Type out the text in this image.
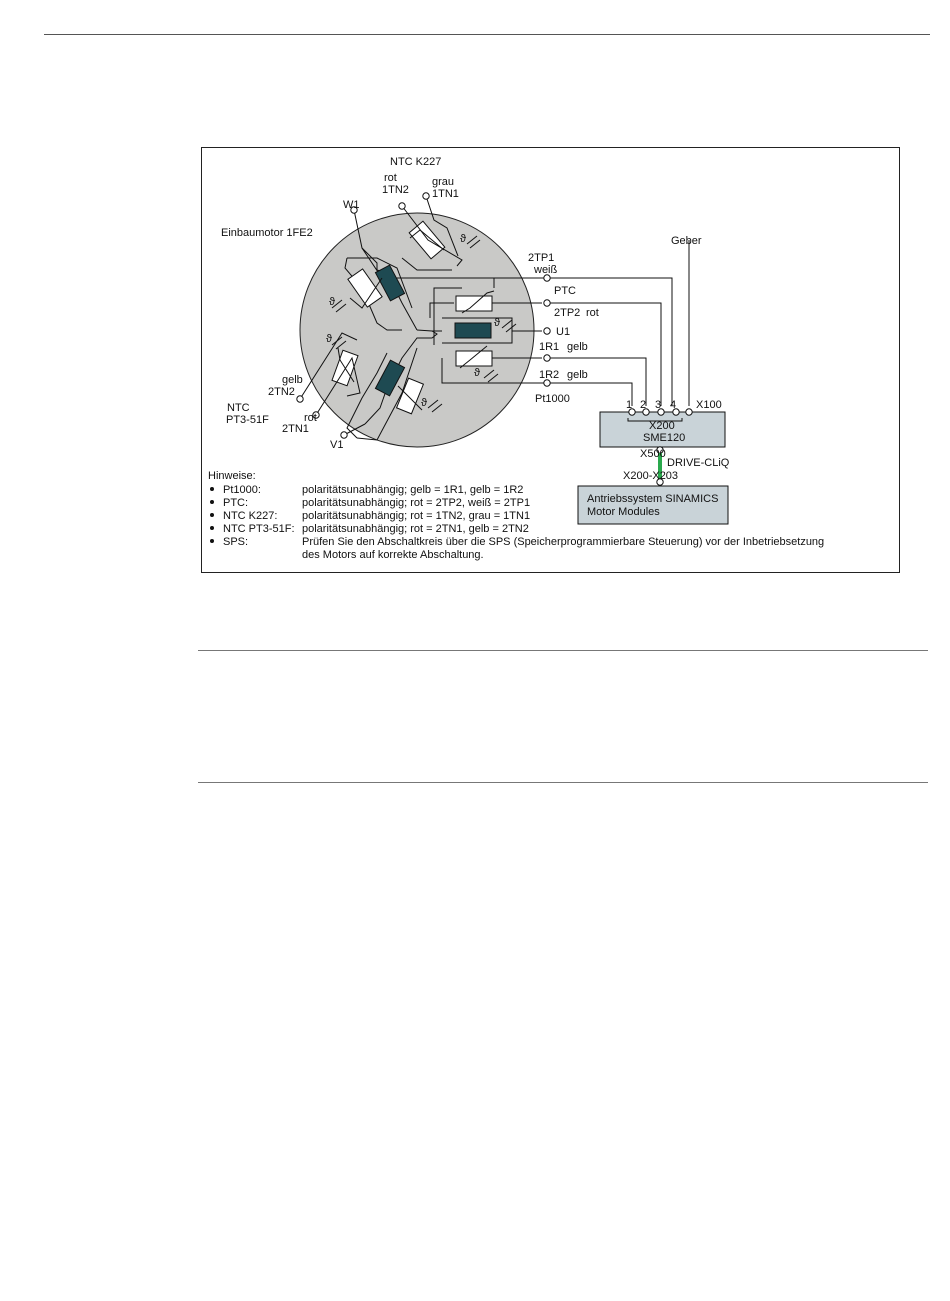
ϑ
ϑ
ϑ
ϑ
ϑ
ϑ
Einbaumotor 1FE2
W1
U1
V1
NTC K227
rot
1TN2
grau
1TN1
gelb
2TN2
NTC
PT3-51F	rot
2TN1
2TP1
weiß
PTC
2TP2 rot
1R1 gelb
1R2 gelb
Pt1000
Geber
1 2 3 4 X100
X200
SME120
X500
DRIVE-CLiQ
X200-X203
Antriebssystem SINAMICS
Motor Modules
Hinweise:
Pt1000:	polaritätsunabhängig; gelb = 1R1, gelb = 1R2
PTC:	polaritätsunabhängig; rot = 2TP2, weiß = 2TP1
NTC K227: polaritätsunabhängig; rot = 1TN2, grau = 1TN1
NTC PT3-51F: polaritätsunabhängig; rot = 2TN1, gelb = 2TN2
SPS:	Prüfen Sie den Abschaltkreis über die SPS (Speicherprogrammierbare Steuerung) vor der Inbetriebsetzung
des Motors auf korrekte Abschaltung.
